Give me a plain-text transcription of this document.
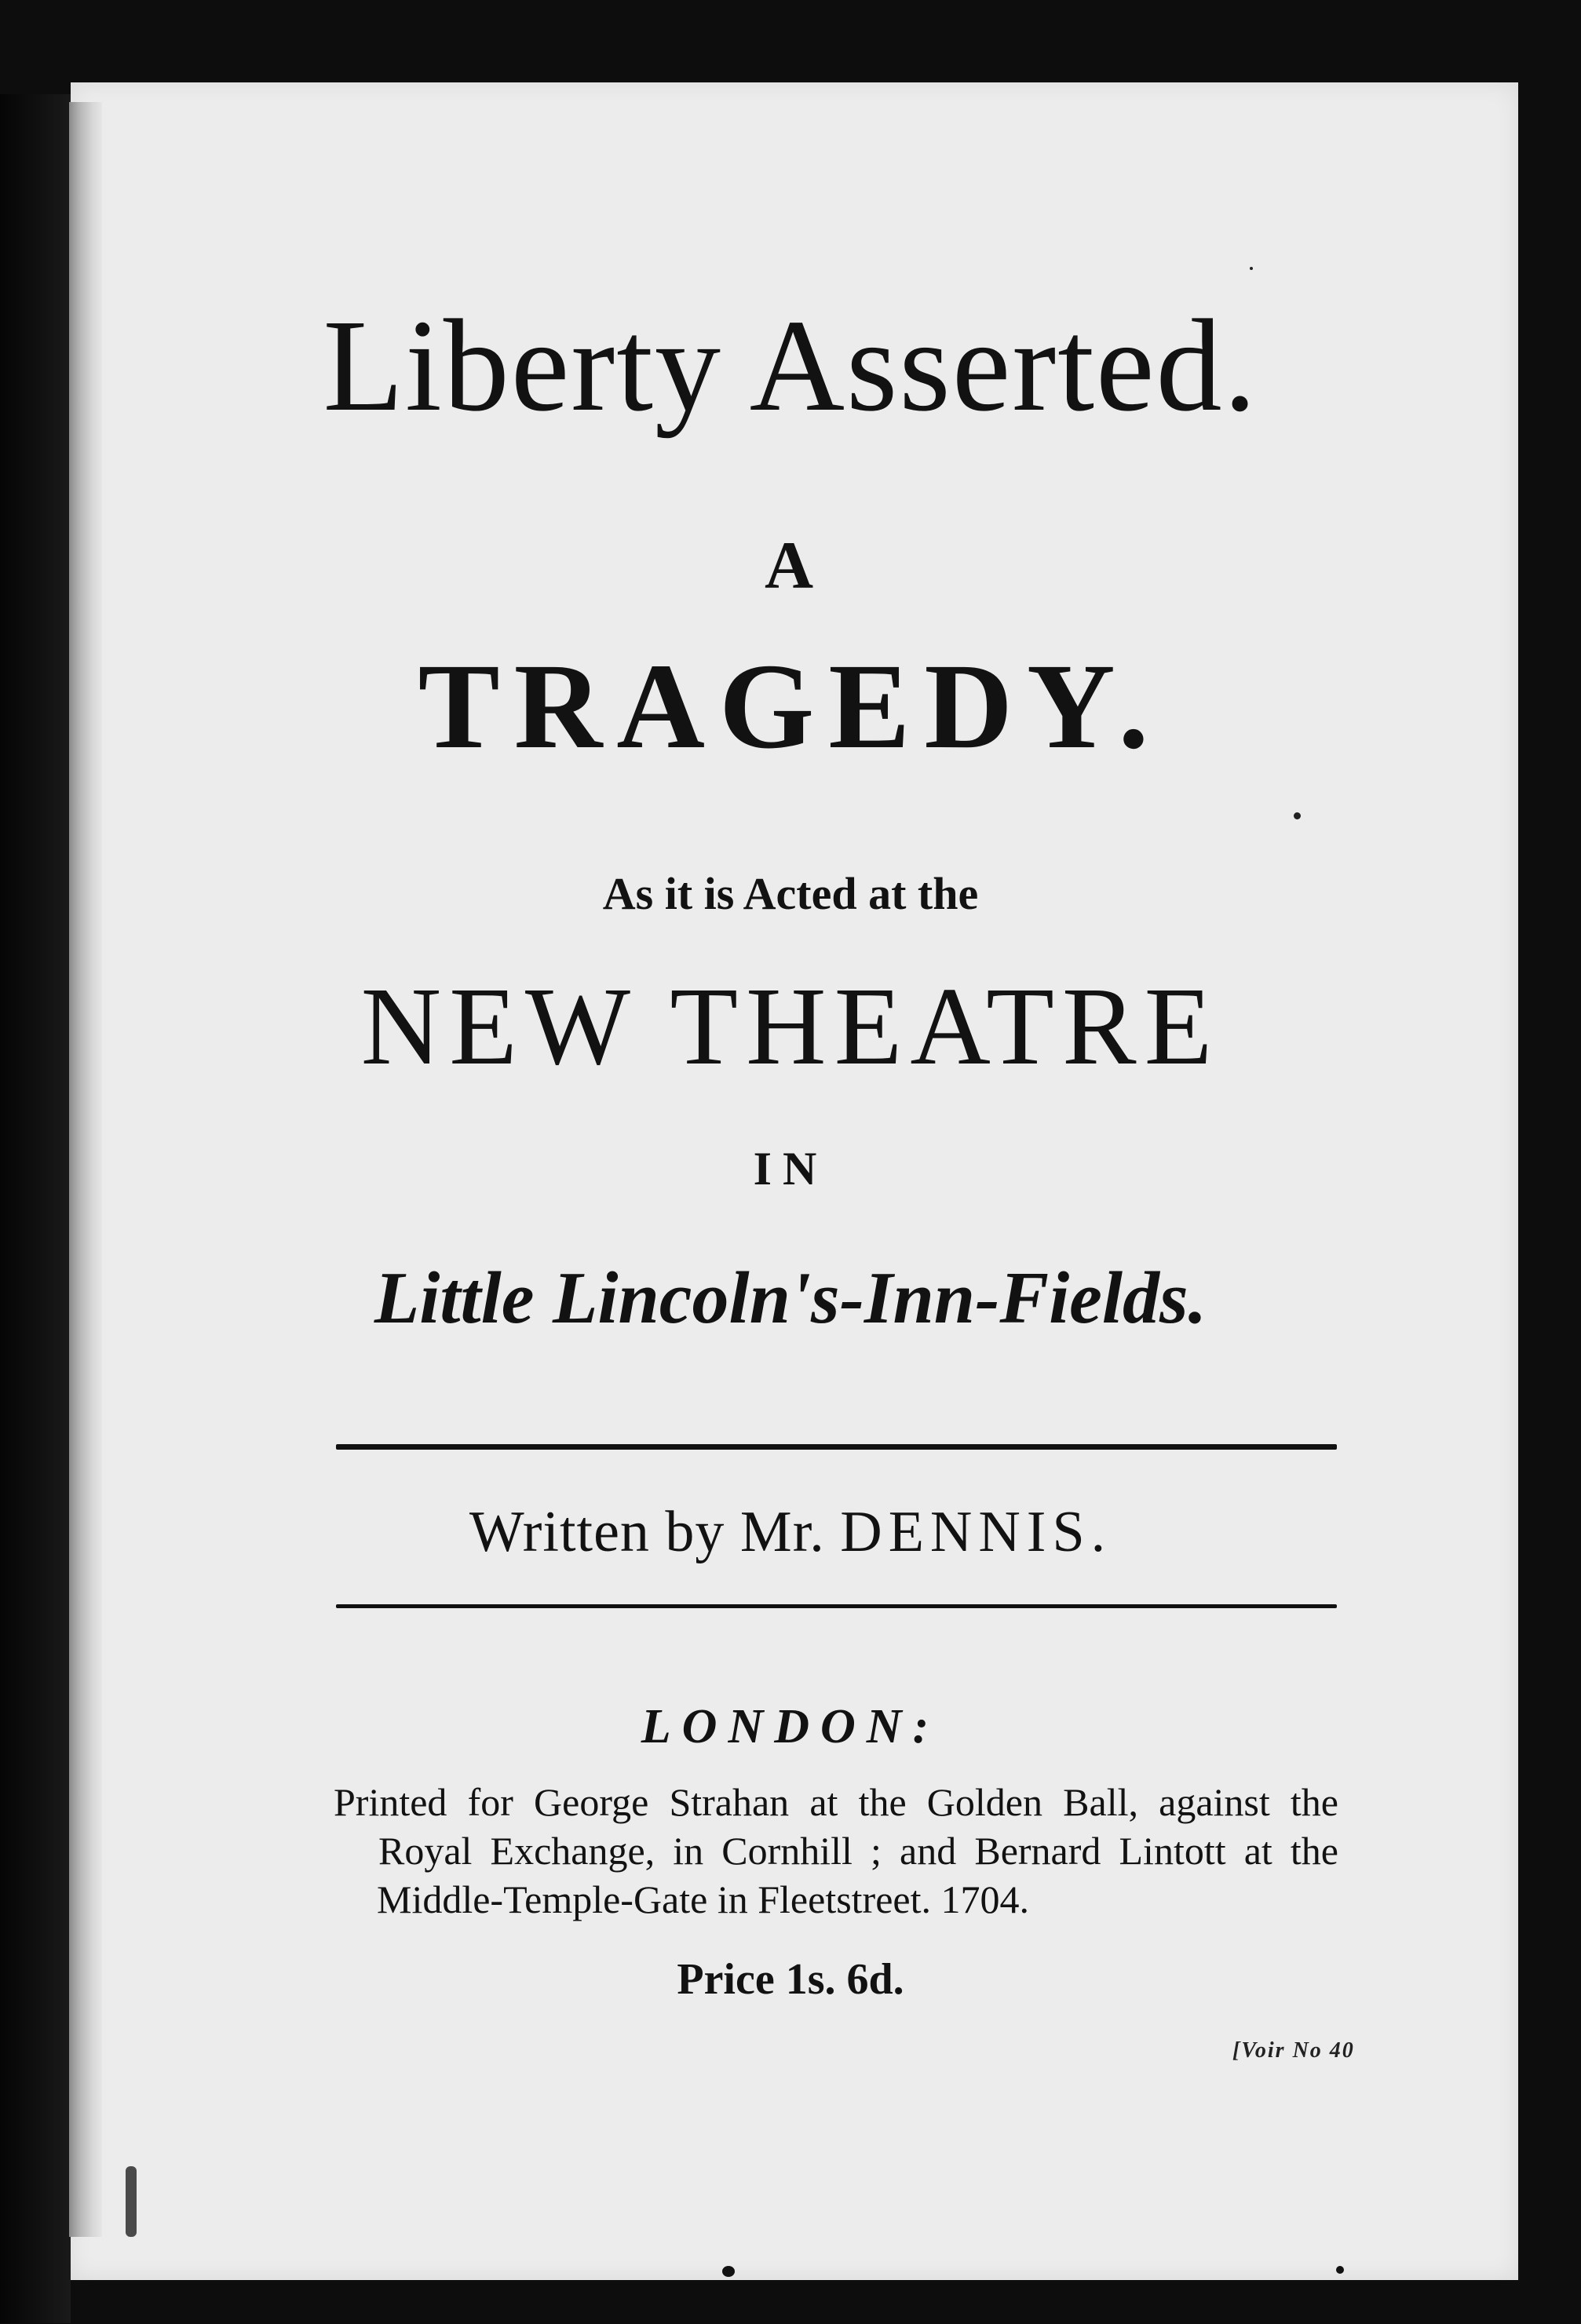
Liberty Asserted.
A
TRAGEDY.
As it is Acted at the
NEW THEATRE
IN
Little Lincoln's-Inn-Fields.
Written by Mr. DENNIS.
LONDON:
Printed for George Strahan at the Golden Ball, against the
Royal Exchange, in Cornhill ; and Bernard Lintott at the
Middle-Temple-Gate in Fleetstreet. 1704.
Price 1s. 6d.
[Voir No 40
